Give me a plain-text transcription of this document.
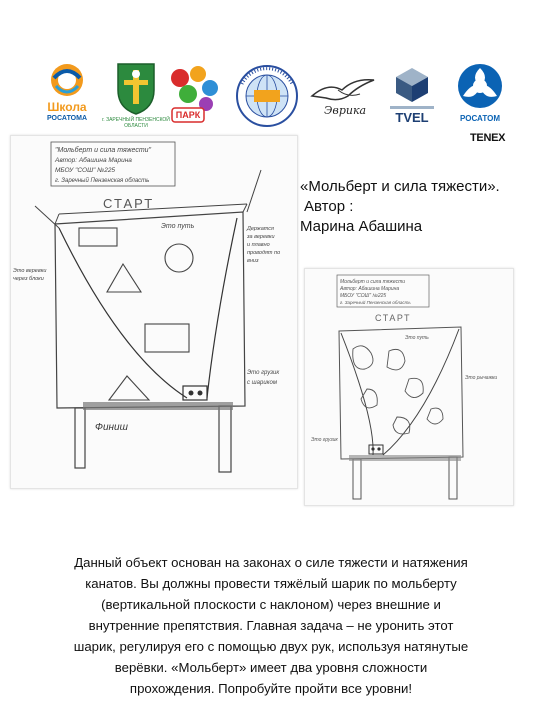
Школа
РОСАТОМА	г. ЗАРЕЧНЫЙ ПЕНЗЕНСКОЙ ОБЛАСТИ
ПАРК	Эврика	TVEL	РОСАТОМ
TENEX
"Мольберт и сила тяжести"
Автор: Абашина Марина
МБОУ "СОШ" №225
г. Заречный Пензенская область
СТАРТ
Это путь	Держатся
за веревки
и плавно
проводят по
вниз
Это веревки
через блоки
Это грузик
с шариком
Финиш
«Мольберт и сила тяжести».
Автор :
Марина Абашина
Мольберт и сила тяжести
Автор: Абашина Марина
МБОУ "СОШ" №225
г. Заречный Пензенская область
СТАРТ
Это путь
Это рычажки
Это грузик
Данный объект основан на законах о силе тяжести и натяжения
канатов. Вы должны провести тяжёлый шарик по мольберту
(вертикальной плоскости с наклоном) через внешние и
внутренние препятствия. Главная задача – не уронить этот
шарик, регулируя его с помощью двух рук, используя натянутые
верёвки. «Мольберт» имеет два уровня сложности
прохождения. Попробуйте пройти все уровни!
